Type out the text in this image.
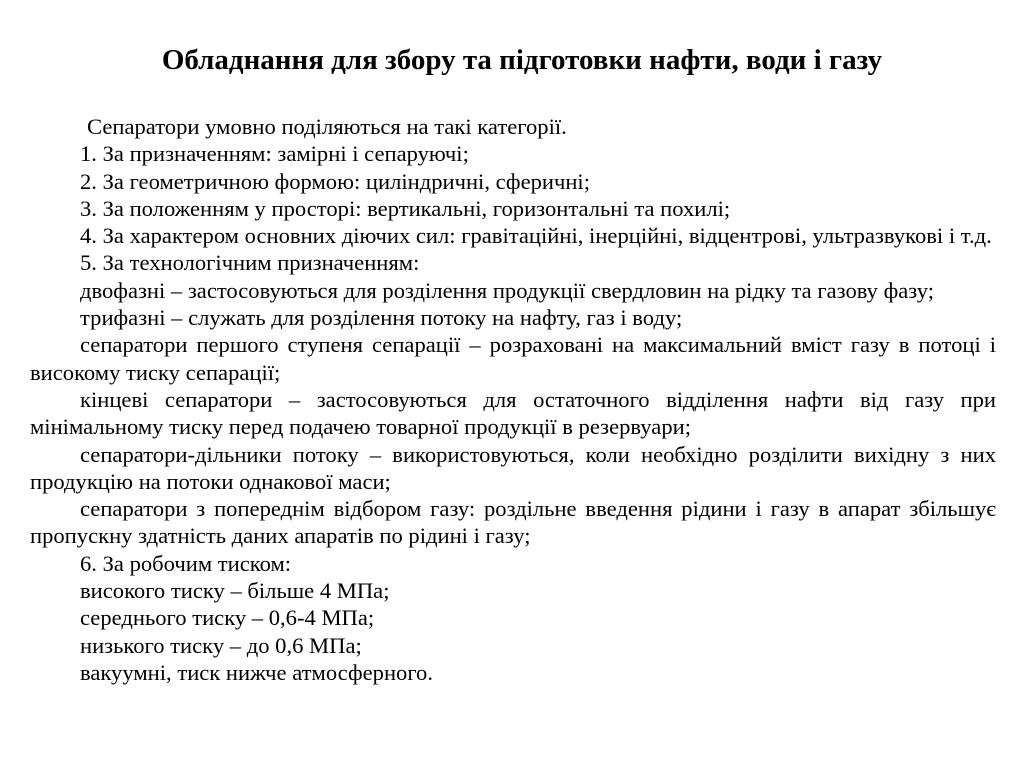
Обладнання для збору та підготовки нафти, води і газу

Сепаратори умовно поділяються на такі категорії.

1. За призначенням: замірні і сепаруючі;

2. За геометричною формою: циліндричні, сферичні;

3. За положенням у просторі: вертикальні, горизонтальні та похилі;

4. За характером основних діючих сил: гравітаційні, інерційні, відцентрові, ультразвукові і т.д.

5. За технологічним призначенням:

двофазні – застосовуються для розділення продукції свердловин на рідку та газову фазу;

трифазні – служать для розділення потоку на нафту, газ і воду;

сепаратори першого ступеня сепарації – розраховані на максимальний вміст газу в потоці і високому тиску сепарації;

кінцеві сепаратори – застосовуються для остаточного відділення нафти від газу при мінімальному тиску перед подачею товарної продукції в резервуари;

сепаратори-дільники потоку – використовуються, коли необхідно розділити вихідну з них продукцію на потоки однакової маси;

сепаратори з попереднім відбором газу: роздільне введення рідини і газу в апарат збільшує пропускну здатність даних апаратів по рідині і газу;

6. За робочим тиском:

високого тиску – більше 4 МПа;

середнього тиску – 0,6-4 МПа;

низького тиску – до 0,6 МПа;

вакуумні, тиск нижче атмосферного.
